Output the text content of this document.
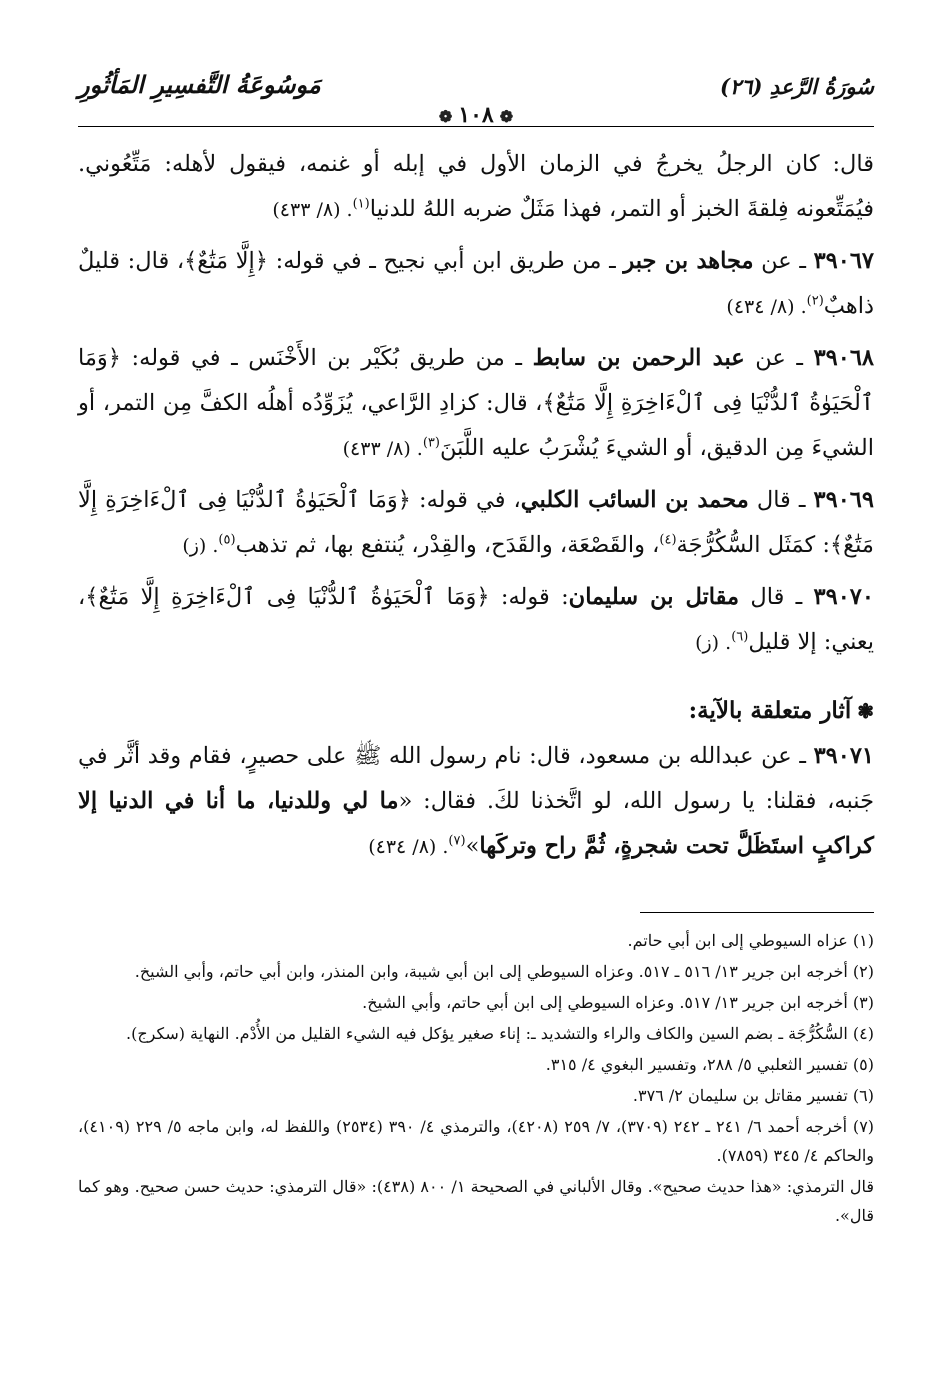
مَوسُوعَةُ التَّفسِيرِ المَأثُورِ	سُورَةُ الرَّعدِ (٢٦)
❁١٠٨❁

قال: كان الرجلُ يخرجُ في الزمان الأول في إبله أو غنمه، فيقول لأهله: مَتِّعُوني. فيُمَتِّعونه فِلقةَ الخبز أو التمر، فهذا مَثَلٌ ضربه اللهُ للدنيا$^{(١)}$. (٨/ ٤٣٣)

٣٩٠٦٧ ـ عن مجاهد بن جبر ـ من طريق ابن أبي نجيح ـ في قوله: ﴿إِلَّا مَتَٰعٌ﴾، قال: قليلٌ ذاهبٌ$^{(٢)}$. (٨/ ٤٣٤)

٣٩٠٦٨ ـ عن عبد الرحمن بن سابط ـ من طريق بُكَيْر بن الأَخْنَس ـ في قوله: ﴿وَمَا ٱلْحَيَوٰةُ ٱلدُّنْيَا فِى ٱلْءَاخِرَةِ إِلَّا مَتَٰعٌ﴾، قال: كزادِ الرَّاعي، يُزَوِّدُه أهلُه الكفَّ مِن التمر، أو الشيءَ مِن الدقيق، أو الشيءَ يُشْرَبُ عليه اللَّبَنَ$^{(٣)}$. (٨/ ٤٣٣)

٣٩٠٦٩ ـ قال محمد بن السائب الكلبي، في قوله: ﴿وَمَا ٱلْحَيَوٰةُ ٱلدُّنْيَا فِى ٱلْءَاخِرَةِ إِلَّا مَتَٰعٌ﴾: كمَثَل السُّكُرُّجَة$^{(٤)}$، والقَصْعَة، والقَدَح، والقِدْر، يُنتفع بها، ثم تذهب$^{(٥)}$. (ز)

٣٩٠٧٠ ـ قال مقاتل بن سليمان: قوله: ﴿وَمَا ٱلْحَيَوٰةُ ٱلدُّنْيَا فِى ٱلْءَاخِرَةِ إِلَّا مَتَٰعٌ﴾، يعني: إلا قليل$^{(٦)}$. (ز)

❃آثار متعلقة بالآية:

٣٩٠٧١ ـ عن عبدالله بن مسعود، قال: نام رسول الله ﷺ على حصيرٍ، فقام وقد أثَّر في جَنبه، فقلنا: يا رسول الله، لو اتَّخذنا لكَ. فقال: «ما لي وللدنيا، ما أنا في الدنيا إلا كراكبٍ استَظَلَّ تحت شجرةٍ، ثُمَّ راح وتركَها»$^{(٧)}$. (٨/ ٤٣٤)

(١) عزاه السيوطي إلى ابن أبي حاتم.

(٢) أخرجه ابن جرير ١٣/ ٥١٦ ـ ٥١٧. وعزاه السيوطي إلى ابن أبي شيبة، وابن المنذر، وابن أبي حاتم، وأبي الشيخ.

(٣) أخرجه ابن جرير ١٣/ ٥١٧. وعزاه السيوطي إلى ابن أبي حاتم، وأبي الشيخ.

(٤) السُّكُرُّجَة ـ بضم السين والكاف والراء والتشديد ـ: إناء صغير يؤكل فيه الشيء القليل من الأُدْم. النهاية (سكرج).

(٥) تفسير الثعلبي ٥/ ٢٨٨، وتفسير البغوي ٤/ ٣١٥.

(٦) تفسير مقاتل بن سليمان ٢/ ٣٧٦.

(٧) أخرجه أحمد ٦/ ٢٤١ ـ ٢٤٢ (٣٧٠٩)، ٧/ ٢٥٩ (٤٢٠٨)، والترمذي ٤/ ٣٩٠ (٢٥٣٤) واللفظ له، وابن ماجه ٥/ ٢٢٩ (٤١٠٩)، والحاكم ٤/ ٣٤٥ (٧٨٥٩).

قال الترمذي: «هذا حديث صحيح». وقال الألباني في الصحيحة ١/ ٨٠٠ (٤٣٨): «قال الترمذي: حديث حسن صحيح. وهو كما قال».
